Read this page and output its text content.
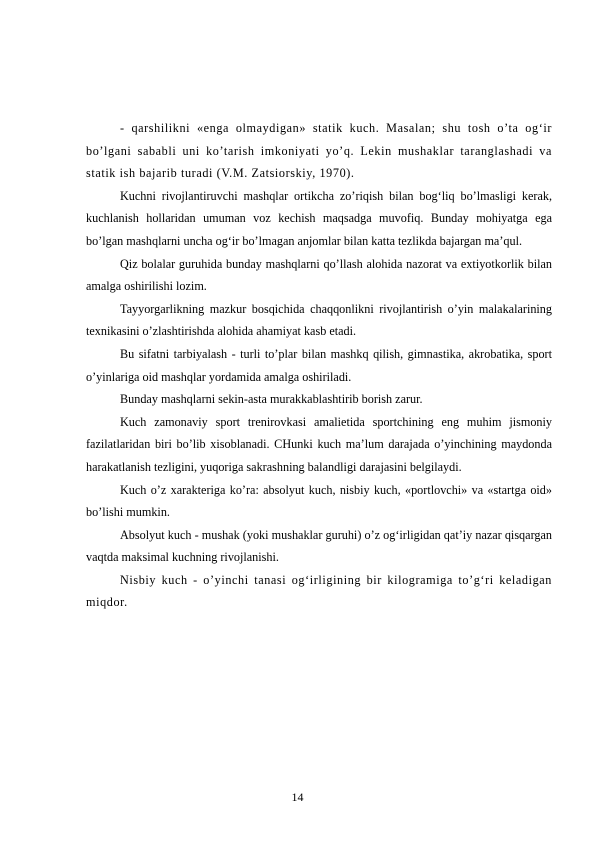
- qarshilikni «enga olmaydigan» statik kuch. Masalan; shu tosh o’ta og‘ir bo’lgani sababli uni ko’tarish imkoniyati yo’q. Lekin mushaklar taranglashadi va statik ish bajarib turadi (V.M. Zatsiorskiy, 1970).

Kuchni rivojlantiruvchi mashqlar ortikcha zo’riqish bilan bog‘liq bo’lmasligi kerak, kuchlanish hollaridan umuman voz kechish maqsadga muvofiq. Bunday mohiyatga ega bo’lgan mashqlarni uncha og‘ir bo’lmagan anjomlar bilan katta tezlikda bajargan ma’qul.

Qiz bolalar guruhida bunday mashqlarni qo’llash alohida nazorat va extiyotkorlik bilan amalga oshirilishi lozim.

Tayyorgarlikning mazkur bosqichida chaqqonlikni rivojlantirish o’yin malakalarining texnikasini o’zlashtirishda alohida ahamiyat kasb etadi.

Bu sifatni tarbiyalash - turli to’plar bilan mashkq qilish, gimnastika, akrobatika, sport o’yinlariga oid mashqlar yordamida amalga oshiriladi.

Bunday mashqlarni sekin-asta murakkablashtirib borish zarur.

Kuch zamonaviy sport trenirovkasi amalietida sportchining eng muhim jismoniy fazilatlaridan biri bo’lib xisoblanadi. CHunki kuch ma’lum darajada o’yinchining maydonda harakatlanish tezligini, yuqoriga sakrashning balandligi darajasini belgilaydi.

Kuch o’z xarakteriga ko’ra: absolyut kuch, nisbiy kuch, «portlovchi» va «startga oid» bo’lishi mumkin.

Absolyut kuch - mushak (yoki mushaklar guruhi) o’z og‘irligidan qat’iy nazar qisqargan vaqtda maksimal kuchning rivojlanishi.

Nisbiy kuch - o’yinchi tanasi og‘irligining bir kilogramiga to’g‘ri keladigan miqdor.

14
